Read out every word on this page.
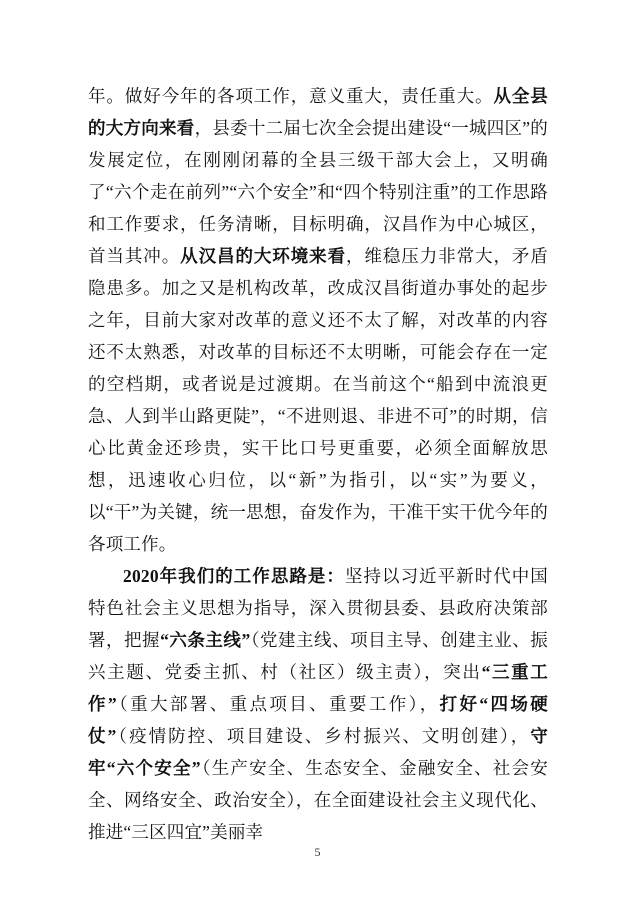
年。做好今年的各项工作，意义重大，责任重大。从全县的大方向来看，县委十二届七次全会提出建设“一城四区”的发展定位，在刚刚闭幕的全县三级干部大会上，又明确了“六个走在前列”“六个安全”和“四个特别注重”的工作思路和工作要求，任务清晰，目标明确，汉昌作为中心城区，首当其冲。从汉昌的大环境来看，维稳压力非常大，矛盾隐患多。加之又是机构改革，改成汉昌街道办事处的起步之年，目前大家对改革的意义还不太了解，对改革的内容还不太熟悉，对改革的目标还不太明晰，可能会存在一定的空档期，或者说是过渡期。在当前这个“船到中流浪更急、人到半山路更陡”，“不进则退、非进不可”的时期，信心比黄金还珍贵，实干比口号更重要，必须全面解放思想，迅速收心归位，以“新”为指引，以“实”为要义，以“干”为关键，统一思想，奋发作为，干准干实干优今年的各项工作。

2020年我们的工作思路是：坚持以习近平新时代中国特色社会主义思想为指导，深入贯彻县委、县政府决策部署，把握“六条主线”（党建主线、项目主导、创建主业、振兴主题、党委主抓、村（社区）级主责），突出“三重工作”（重大部署、重点项目、重要工作），打好“四场硬仗”（疫情防控、项目建设、乡村振兴、文明创建），守牢“六个安全”（生产安全、生态安全、金融安全、社会安全、网络安全、政治安全），在全面建设社会主义现代化、推进“三区四宜”美丽幸

5
